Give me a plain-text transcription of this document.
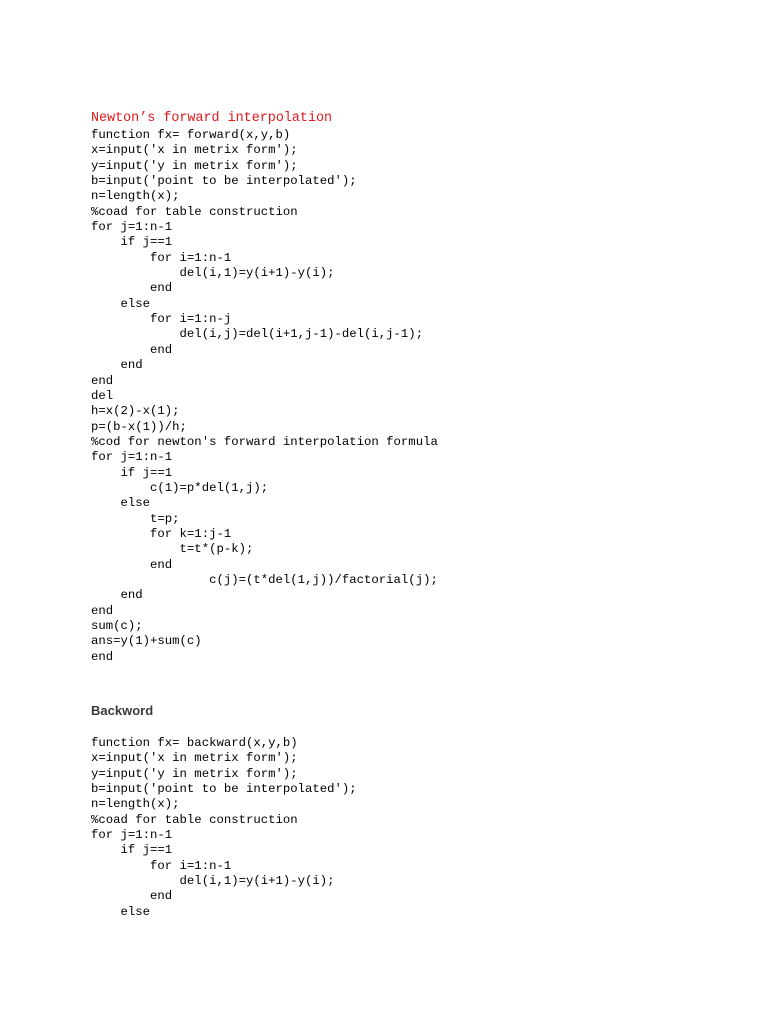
Newton’s forward interpolation
function fx= forward(x,y,b)
x=input('x in metrix form');
y=input('y in metrix form');
b=input('point to be interpolated');
n=length(x);
%coad for table construction
for j=1:n-1
if j==1
for i=1:n-1
del(i,1)=y(i+1)-y(i);
end
else
for i=1:n-j
del(i,j)=del(i+1,j-1)-del(i,j-1);
end
end
end
del
h=x(2)-x(1);
p=(b-x(1))/h;
%cod for newton's forward interpolation formula
for j=1:n-1
if j==1
c(1)=p*del(1,j);
else
t=p;
for k=1:j-1
t=t*(p-k);
end
c(j)=(t*del(1,j))/factorial(j);
end
end
sum(c);
ans=y(1)+sum(c)
end
Backword
function fx= backward(x,y,b)
x=input('x in metrix form');
y=input('y in metrix form');
b=input('point to be interpolated');
n=length(x);
%coad for table construction
for j=1:n-1
if j==1
for i=1:n-1
del(i,1)=y(i+1)-y(i);
end
else
